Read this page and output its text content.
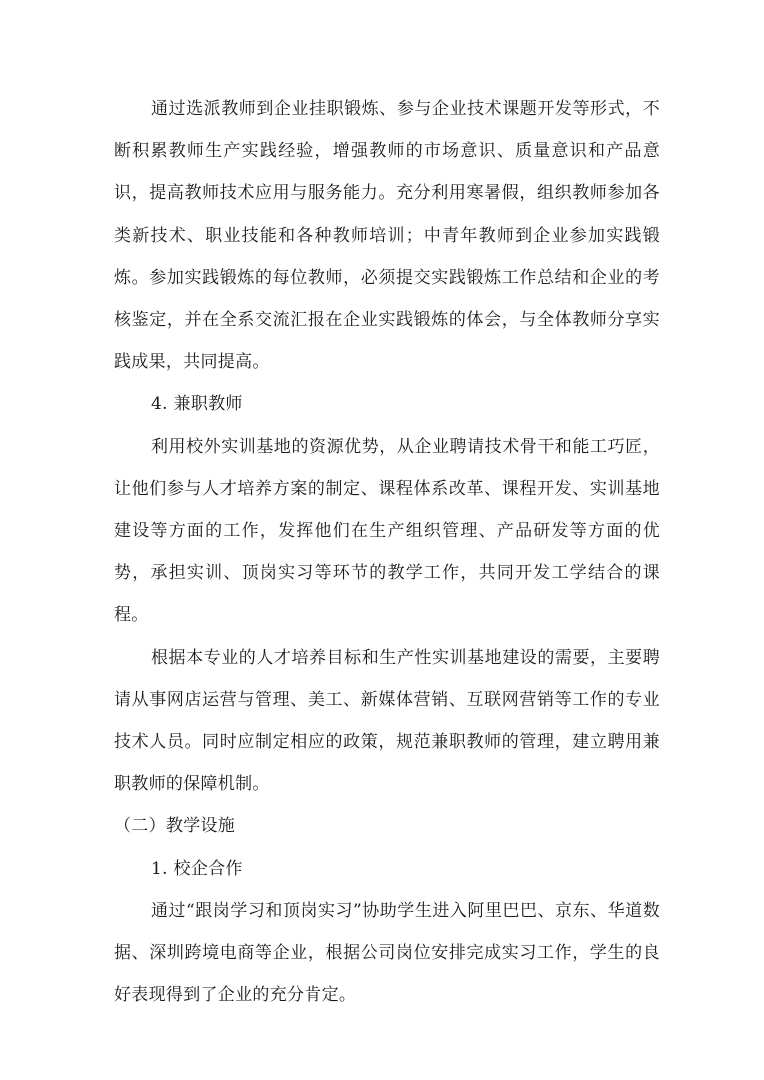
通过选派教师到企业挂职锻炼、参与企业技术课题开发等形式，不断积累教师生产实践经验，增强教师的市场意识、质量意识和产品意识，提高教师技术应用与服务能力。充分利用寒暑假，组织教师参加各类新技术、职业技能和各种教师培训；中青年教师到企业参加实践锻炼。参加实践锻炼的每位教师，必须提交实践锻炼工作总结和企业的考核鉴定，并在全系交流汇报在企业实践锻炼的体会，与全体教师分享实践成果，共同提高。

4. 兼职教师

利用校外实训基地的资源优势，从企业聘请技术骨干和能工巧匠，让他们参与人才培养方案的制定、课程体系改革、课程开发、实训基地建设等方面的工作，发挥他们在生产组织管理、产品研发等方面的优势，承担实训、顶岗实习等环节的教学工作，共同开发工学结合的课程。

根据本专业的人才培养目标和生产性实训基地建设的需要，主要聘请从事网店运营与管理、美工、新媒体营销、互联网营销等工作的专业技术人员。同时应制定相应的政策，规范兼职教师的管理，建立聘用兼职教师的保障机制。

（二）教学设施

1. 校企合作

通过“跟岗学习和顶岗实习”协助学生进入阿里巴巴、京东、华道数据、深圳跨境电商等企业，根据公司岗位安排完成实习工作，学生的良好表现得到了企业的充分肯定。
